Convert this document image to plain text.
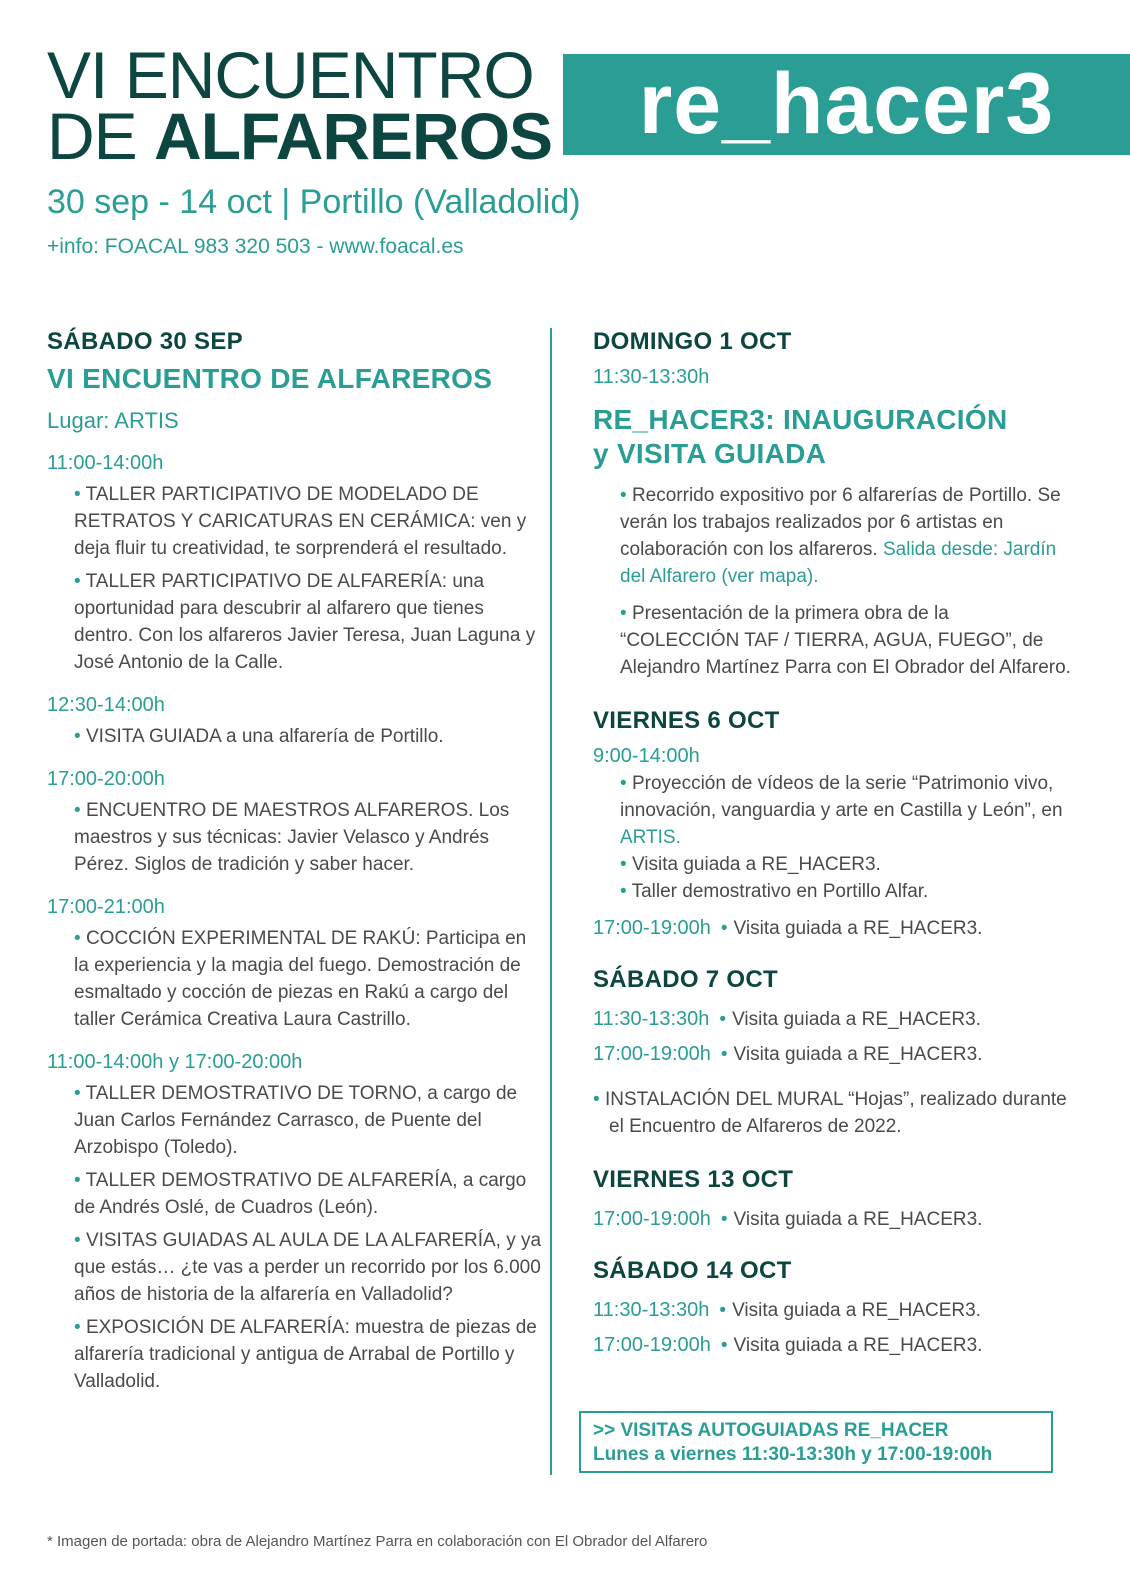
VI ENCUENTRO
DE ALFAREROS re_hacer3
30 sep - 14 oct | Portillo (Valladolid)
+info: FOACAL 983 320 503 - www.foacal.es
SÁBADO 30 SEP
VI ENCUENTRO DE ALFAREROS
Lugar: ARTIS
11:00-14:00h
• TALLER PARTICIPATIVO DE MODELADO DE RETRATOS Y CARICATURAS EN CERÁMICA: ven y deja fluir tu creatividad, te sorprenderá el resultado.
• TALLER PARTICIPATIVO DE ALFARERÍA: una oportunidad para descubrir al alfarero que tienes dentro. Con los alfareros Javier Teresa, Juan Laguna y José Antonio de la Calle.
12:30-14:00h
• VISITA GUIADA a una alfarería de Portillo.
17:00-20:00h
• ENCUENTRO DE MAESTROS ALFAREROS. Los maestros y sus técnicas: Javier Velasco y Andrés Pérez. Siglos de tradición y saber hacer.
17:00-21:00h
• COCCIÓN EXPERIMENTAL DE RAKÚ: Participa en la experiencia y la magia del fuego. Demostración de esmaltado y cocción de piezas en Rakú a cargo del taller Cerámica Creativa Laura Castrillo.
11:00-14:00h y 17:00-20:00h
• TALLER DEMOSTRATIVO DE TORNO, a cargo de Juan Carlos Fernández Carrasco, de Puente del Arzobispo (Toledo).
• TALLER DEMOSTRATIVO DE ALFARERÍA, a cargo de Andrés Oslé, de Cuadros (León).
• VISITAS GUIADAS AL AULA DE LA ALFARERÍA, y ya que estás… ¿te vas a perder un recorrido por los 6.000 años de historia de la alfarería en Valladolid?
• EXPOSICIÓN DE ALFARERÍA: muestra de piezas de alfarería tradicional y antigua de Arrabal de Portillo y Valladolid.
DOMINGO 1 OCT
11:30-13:30h
RE_HACER3: INAUGURACIÓN
y VISITA GUIADA
• Recorrido expositivo por 6 alfarerías de Portillo. Se verán los trabajos realizados por 6 artistas en colaboración con los alfareros. Salida desde: Jardín del Alfarero (ver mapa).
• Presentación de la primera obra de la “COLECCIÓN TAF / TIERRA, AGUA, FUEGO”, de Alejandro Martínez Parra con El Obrador del Alfarero.
VIERNES 6 OCT
9:00-14:00h
• Proyección de vídeos de la serie “Patrimonio vivo, innovación, vanguardia y arte en Castilla y León”, en ARTIS.
• Visita guiada a RE_HACER3.
• Taller demostrativo en Portillo Alfar.
17:00-19:00h • Visita guiada a RE_HACER3.
SÁBADO 7 OCT
11:30-13:30h • Visita guiada a RE_HACER3.
17:00-19:00h • Visita guiada a RE_HACER3.
• INSTALACIÓN DEL MURAL “Hojas”, realizado durante el Encuentro de Alfareros de 2022.
VIERNES 13 OCT
17:00-19:00h • Visita guiada a RE_HACER3.
SÁBADO 14 OCT
11:30-13:30h • Visita guiada a RE_HACER3.
17:00-19:00h • Visita guiada a RE_HACER3.
>> VISITAS AUTOGUIADAS RE_HACER
Lunes a viernes 11:30-13:30h y 17:00-19:00h
* Imagen de portada: obra de Alejandro Martínez Parra en colaboración con El Obrador del Alfarero
